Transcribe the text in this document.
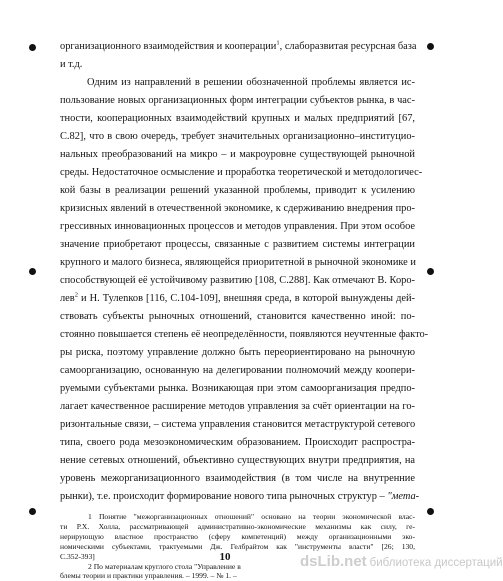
организационного взаимодействия и кооперации$^1$, слаборазвитая ресурсная база
и т.д.
Одним из направлений в решении обозначенной проблемы является ис-
пользование новых организационных форм интеграции субъектов рынка, в час-
тности, кооперационных взаимодействий крупных и малых предприятий [67,
С.82], что в свою очередь, требует значительных организационно–институцио-
нальных преобразований на микро – и макроуровне существующей рыночной
среды. Недостаточное осмысление и проработка теоретической и методологичес-
кой базы в реализации решений указанной проблемы, приводит к усилению
кризисных явлений в отечественной экономике, к сдерживанию внедрения про-
грессивных инновационных процессов и методов управления. При этом особое
значение приобретают процессы, связанные с развитием системы интеграции
крупного и малого бизнеса, являющейся приоритетной в рыночной экономике и
способствующей её устойчивому развитию [108, С.288]. Как отмечают В. Коро-
лев$^2$ и Н. Тулenков [116, С.104-109], внешняя среда, в которой вынуждены дей-
ствовать субъекты рыночных отношений, становится качественно иной: по-
стоянно повышается степень её неопределённости, появляются неучтенные факто-
ры риска, поэтому управление должно быть переориентировано на рыночную
самоорганизацию, основанную на делегировании полномочий между коопери-
руемыми субъектами рынка. Возникающая при этом самоорганизация предпо-
лагает качественное расширение методов управления за счёт ориентации на го-
ризонтальные связи, – система управления становится метаструктурой сетевого
типа, своего рода мезоэкономическим образованием. Происходит распростра-
нение сетевых отношений, объективно существующих внутри предприятия, на
уровень межорганизационного взаимодействия (в том числе на внутренние
рынки), т.е. происходит формирование нового типа рыночных структур – "мета-
1 Понятие "межорганизационных отношений" основано на теории экономической влас-
ти Р.Х. Холла, рассматривающей административно-экономические механизмы как силу, ге-
нерирующую властное пространство (сферу компетенций) между организационными эко-
номическими субъектами, трактуемыми Дж. Гелбрайтом как "инструменты власти" [26; 130,
С.352-393]
2 По материалам круглого стола "Управление в
блемы теории и практики управления. – 1999. – № 1. –
10	dsLib.net библиотека диссертаций
